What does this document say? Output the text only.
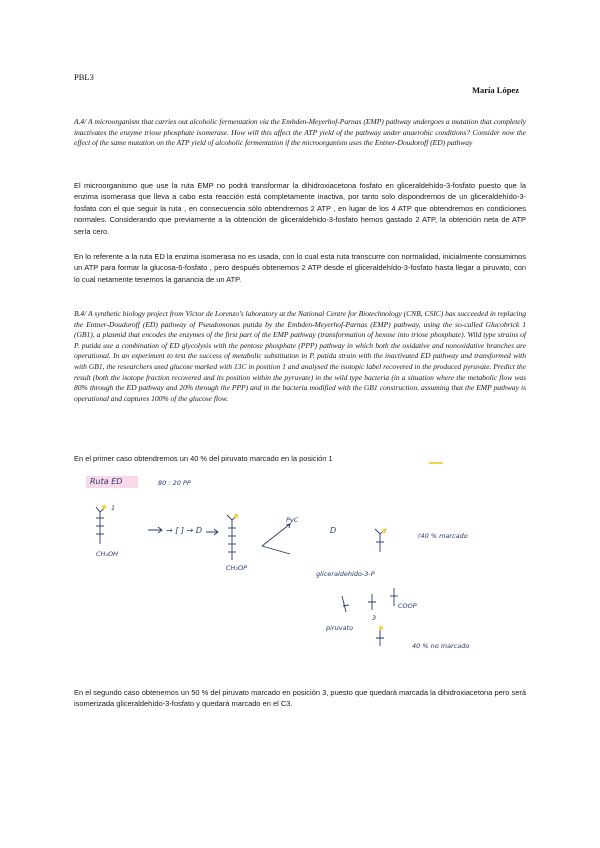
PBL3
María López

A.4/ A microorganism that carries out alcoholic fermentation via the Embden-Meyerhof-Parnas (EMP) pathway undergoes a mutation that completely inactivates the enzyme triose phosphate isomerase. How will this affect the ATP yield of the pathway under anaerobic conditions? Consider now the effect of the same mutation on the ATP yield of alcoholic fermentation if the microorganism uses the Entner-Doudoroff (ED) pathway

El microorganismo que use la ruta EMP no podrá transformar la dihidroxiacetona fosfato en gliceraldehído-3-fosfato puesto que la enzima isomerasa que lleva a cabo esta reacción está completamente inactiva, por tanto solo dispondremos de un gliceraldehído-3-fosfato con el que seguir la ruta , en consecuencia sólo obtendremos 2 ATP , en lugar de los 4 ATP que obtendremos en condiciones normales. Considerando que previamente a la obtención de gliceraldehido-3-fosfato hemos gastado 2 ATP, la obtención neta de ATP sería cero.

En lo referente a la ruta ED la enzima isomerasa no es usada, con lo cual esta ruta transcurre con normalidad, inicialmente consumimos un ATP para formar la glucosa-6-fosfato , pero después obtenemos 2 ATP desde el gliceraldehído-3-fosfato hasta llegar a piruvato, con lo cual netamente tenemos la ganancia de un ATP.

B.4/ A synthetic biology project from Víctor de Lorenzo's laboratory at the National Centre for Biotechnology (CNB, CSIC) has succeeded in replacing the Entner-Doudoroff (ED) pathway of Pseudomonas putida by the Embden-Meyerhof-Parnas (EMP) pathway, using the so-called Glucobrick 1 (GB1), a plasmid that encodes the enzymes of the first part of the EMP pathway (transformation of hexose into triose phosphate). Wild type strains of P. putida use a combination of ED glycolysis with the pentose phosphate (PPP) pathway in which both the oxidative and nonoxidative branches are operational. In an experiment to test the success of metabolic substitution in P. putida strain with the inactivated ED pathway and transformed with with GB1, the researchers used glucose marked with 13C in position 1 and analysed the isotopic label recovered in the produced pyruvate. Predict the result (both the isotope fraction recovered and its position within the pyruvate) in the wild type bacteria (in a situation where the metabolic flow was 80% through the ED pathway and 20% through the PPP) and in the bacteria modified with the GB1 construction, assuming that the EMP pathway is operational and captures 100% of the glucose flow.

En el primer caso obtendremos un 40 % del piruvato marcado en la posición 1

Ruta ED	80 : 20 PP
1
CH₂OH
→ [ ] → D
CH₂OP
PyC
D
(40 % marcado
gliceraldehído-3-P
COOP
piruvato
3
40 % no marcado

En el segundo caso obtenemos un 50 % del piruvato marcado en posición 3, puesto que quedará marcada la dihidroxiacetona pero será isomerizada gliceraldehído-3-fosfato y quedará marcado en el C3.
